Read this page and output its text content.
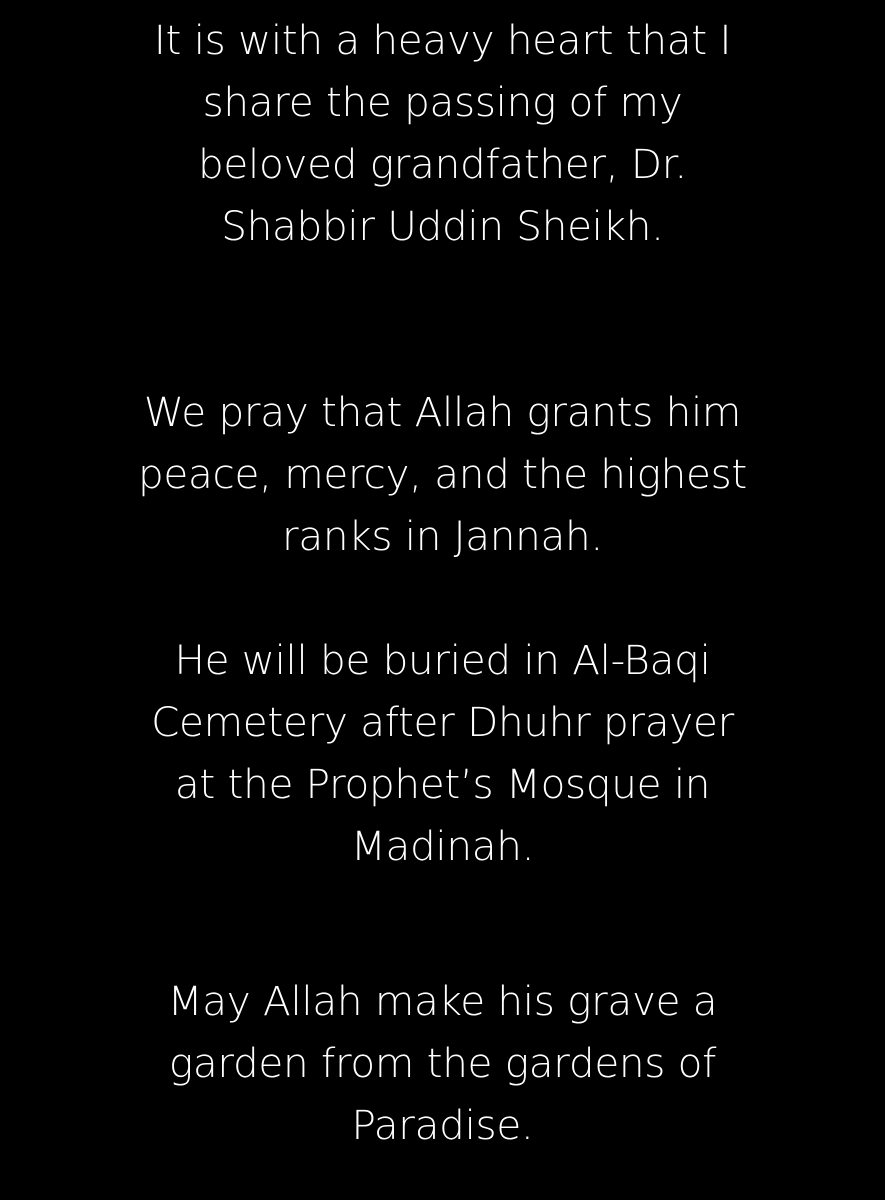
It is with a heavy heart that I
share the passing of my
beloved grandfather, Dr.
Shabbir Uddin Sheikh.

We pray that Allah grants him
peace, mercy, and the highest
ranks in Jannah.

He will be buried in Al-Baqi
Cemetery after Dhuhr prayer
at the Prophet’s Mosque in
Madinah.

May Allah make his grave a
garden from the gardens of
Paradise.
